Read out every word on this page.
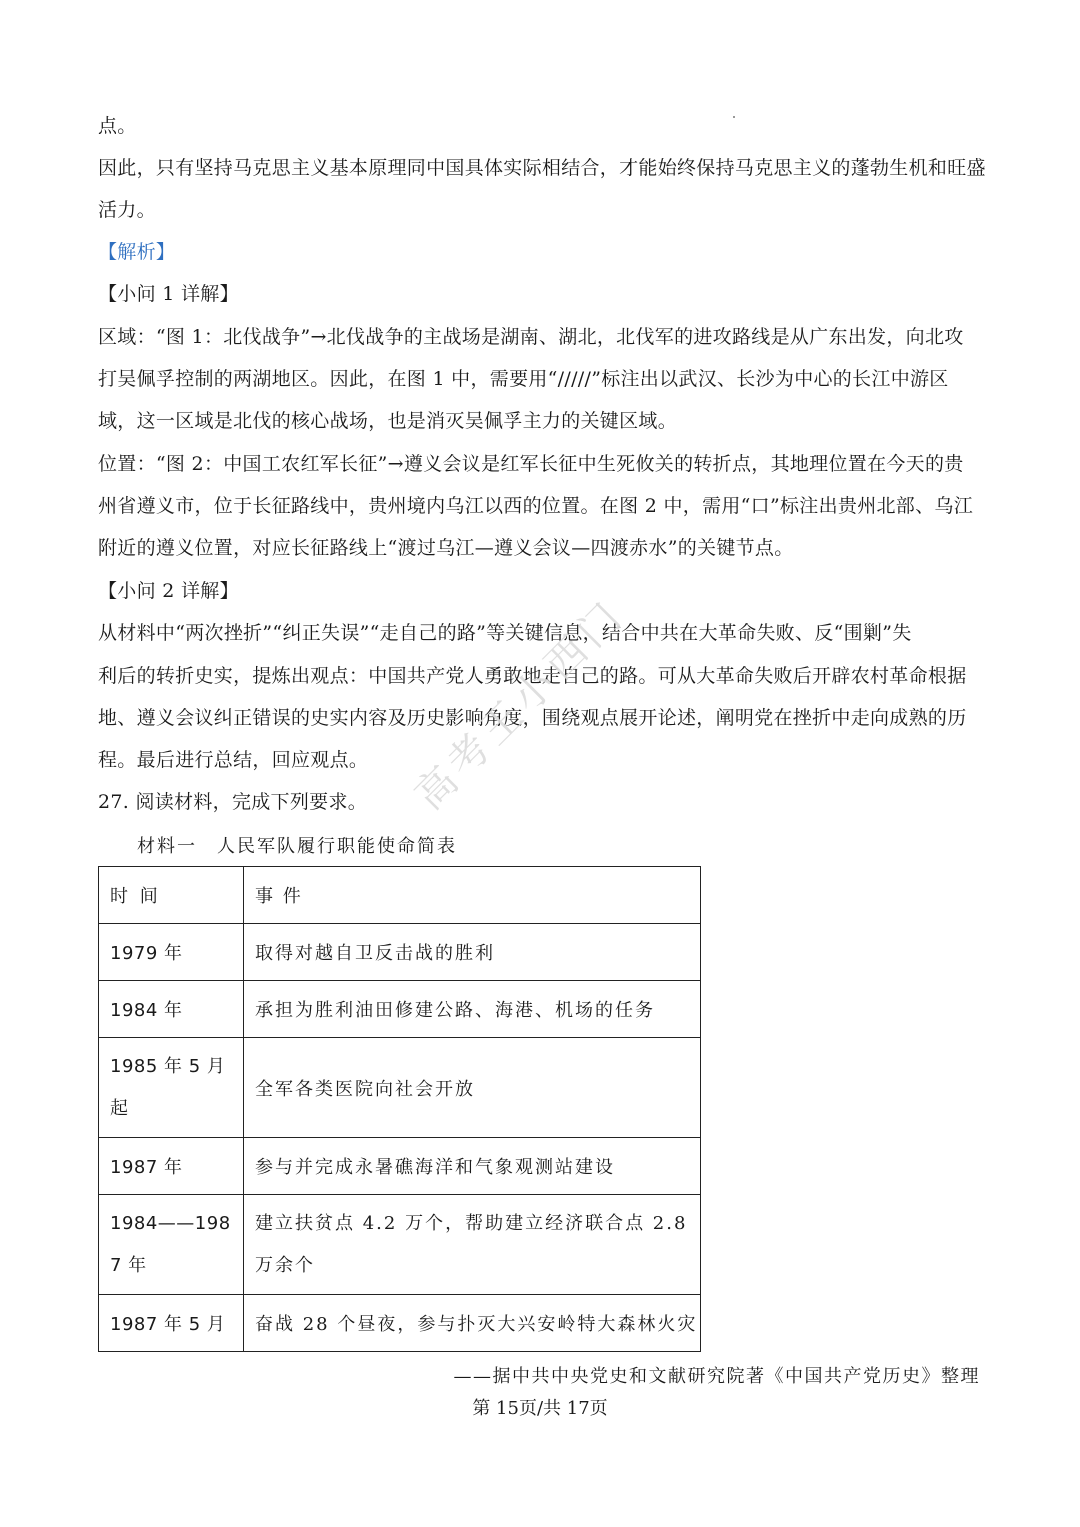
点。
因此，只有坚持马克思主义基本原理同中国具体实际相结合，才能始终保持马克思主义的蓬勃生机和旺盛
活力。
【解析】
【小问 1 详解】
区域：“图 1：北伐战争”→北伐战争的主战场是湖南、湖北，北伐军的进攻路线是从广东出发，向北攻
打吴佩孚控制的两湖地区。因此，在图 1 中，需要用“/////”标注出以武汉、长沙为中心的长江中游区
域，这一区域是北伐的核心战场，也是消灭吴佩孚主力的关键区域。
位置：“图 2：中国工农红军长征”→遵义会议是红军长征中生死攸关的转折点，其地理位置在今天的贵
州省遵义市，位于长征路线中，贵州境内乌江以西的位置。在图 2 中，需用“口”标注出贵州北部、乌江
附近的遵义位置，对应长征路线上“渡过乌江—遵义会议—四渡赤水”的关键节点。
【小问 2 详解】
从材料中“两次挫折”“纠正失误”“走自己的路”等关键信息，结合中共在大革命失败、反“围剿”失
利后的转折史实，提炼出观点：中国共产党人勇敢地走自己的路。可从大革命失败后开辟农村革命根据
地、遵义会议纠正错误的史实内容及历史影响角度，围绕观点展开论述，阐明党在挫折中走向成熟的历
程。最后进行总结，回应观点。
27. 阅读材料，完成下列要求。
材料一　人民军队履行职能使命简表
时 间	事 件
1979 年	取得对越自卫反击战的胜利
1984 年	承担为胜利油田修建公路、海港、机场的任务
1985 年 5 月起	全军各类医院向社会开放
1987 年	参与并完成永暑礁海洋和气象观测站建设
1984——1987 年	建立扶贫点 4.2 万个，帮助建立经济联合点 2.8 万余个
1987 年 5 月	奋战 28 个昼夜，参与扑灭大兴安岭特大森林火灾
——据中共中央党史和文献研究院著《中国共产党历史》整理
第 15页/共 17页
高考王小西门
